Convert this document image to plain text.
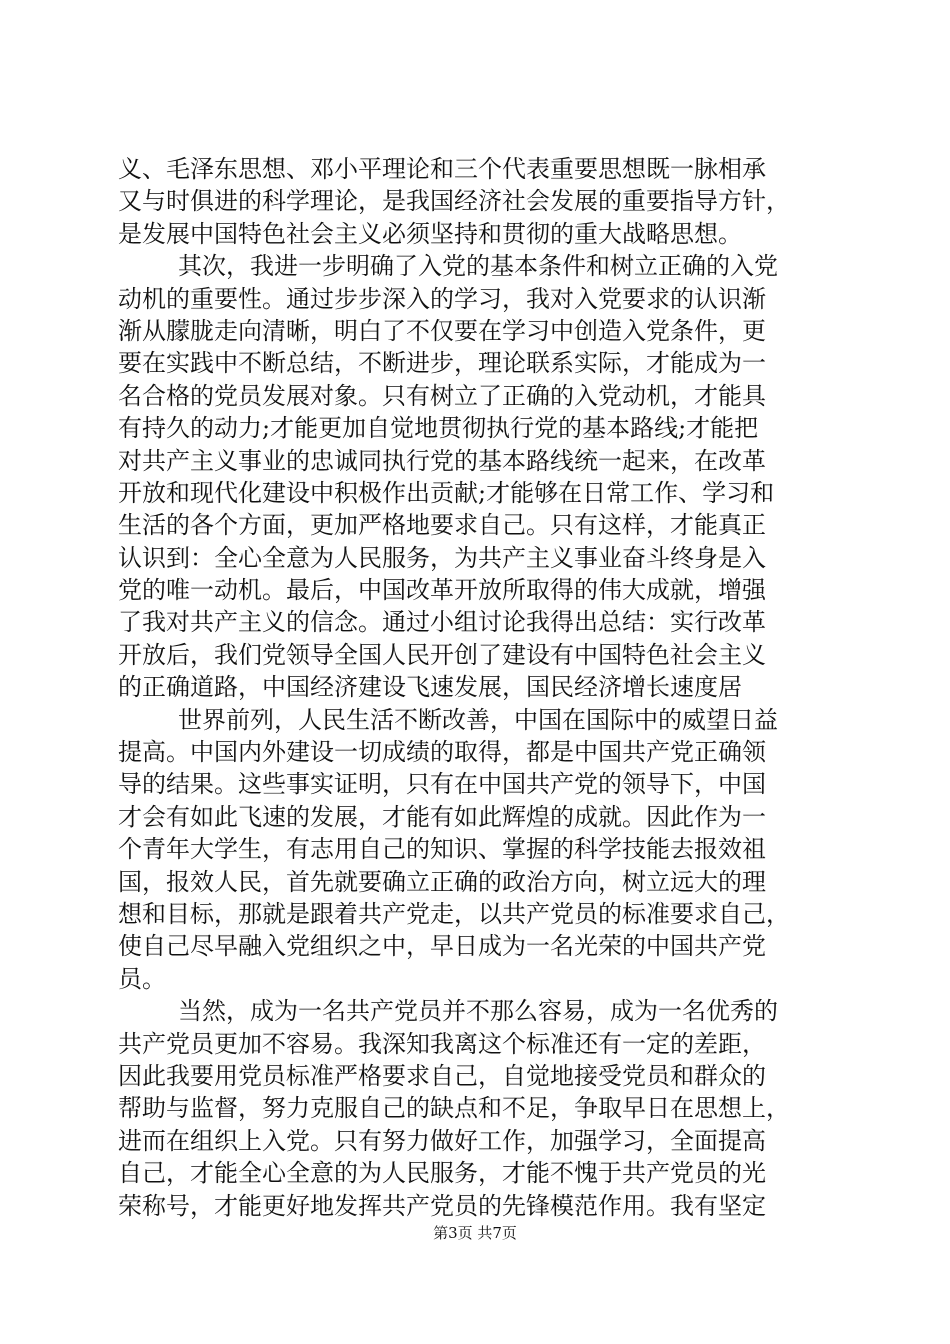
义、毛泽东思想、邓小平理论和三个代表重要思想既一脉相承
又与时俱进的科学理论，是我国经济社会发展的重要指导方针，
是发展中国特色社会主义必须坚持和贯彻的重大战略思想。
其次，我进一步明确了入党的基本条件和树立正确的入党
动机的重要性。通过步步深入的学习，我对入党要求的认识渐
渐从朦胧走向清晰，明白了不仅要在学习中创造入党条件，更
要在实践中不断总结，不断进步，理论联系实际，才能成为一
名合格的党员发展对象。只有树立了正确的入党动机，才能具
有持久的动力;才能更加自觉地贯彻执行党的基本路线;才能把
对共产主义事业的忠诚同执行党的基本路线统一起来，在改革
开放和现代化建设中积极作出贡献;才能够在日常工作、学习和
生活的各个方面，更加严格地要求自己。只有这样，才能真正
认识到：全心全意为人民服务，为共产主义事业奋斗终身是入
党的唯一动机。最后，中国改革开放所取得的伟大成就，增强
了我对共产主义的信念。通过小组讨论我得出总结：实行改革
开放后，我们党领导全国人民开创了建设有中国特色社会主义
的正确道路，中国经济建设飞速发展，国民经济增长速度居
世界前列，人民生活不断改善，中国在国际中的威望日益
提高。中国内外建设一切成绩的取得，都是中国共产党正确领
导的结果。这些事实证明，只有在中国共产党的领导下，中国
才会有如此飞速的发展，才能有如此辉煌的成就。因此作为一
个青年大学生，有志用自己的知识、掌握的科学技能去报效祖
国，报效人民，首先就要确立正确的政治方向，树立远大的理
想和目标，那就是跟着共产党走，以共产党员的标准要求自己，
使自己尽早融入党组织之中，早日成为一名光荣的中国共产党
员。
当然，成为一名共产党员并不那么容易，成为一名优秀的
共产党员更加不容易。我深知我离这个标准还有一定的差距，
因此我要用党员标准严格要求自己，自觉地接受党员和群众的
帮助与监督，努力克服自己的缺点和不足，争取早日在思想上，
进而在组织上入党。只有努力做好工作，加强学习，全面提高
自己，才能全心全意的为人民服务，才能不愧于共产党员的光
荣称号，才能更好地发挥共产党员的先锋模范作用。我有坚定
第3页 共7页
